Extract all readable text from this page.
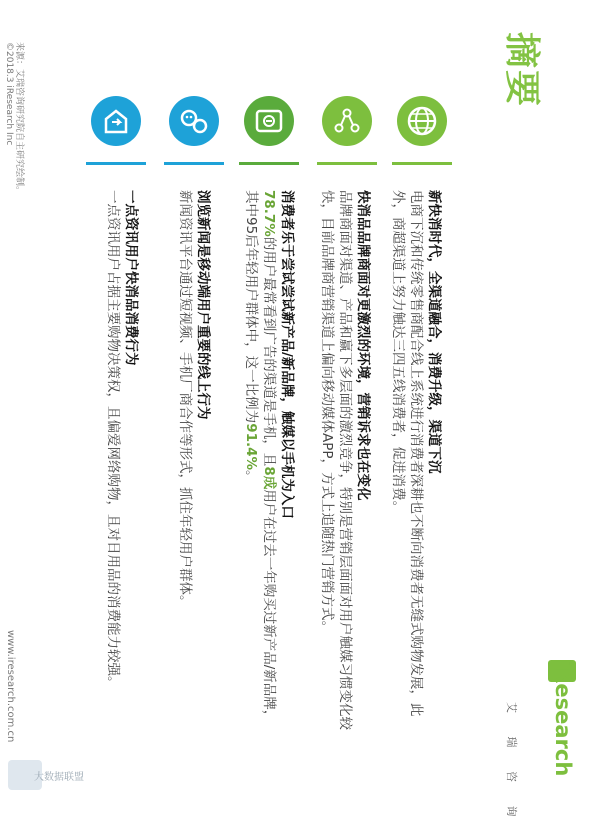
来源：艾瑞咨询研究院自主研究绘制。
©2018.3 iResearch Inc
www.iresearch.com.cn
大数据联盟
摘要
iResearch
艾 瑞 咨 询
新快消时代，全渠道融合，消费升级，渠道下沉
电商下沉和传统零售商配合线上系统进行消费者深耕也不断向消费者无缝式购物发展，此外，商超渠道上努力触达三四五线消费者，促进消费。
快消品品牌商面对更激烈的环境，营销诉求也在变化
品牌商面对渠道、产品和赢下多层面的激烈竞争，特别是营销层面面对用户触媒习惯变化较快，目前品牌商营销渠道上偏向移动媒体APP，方式上追随热门营销方式。
消费者乐于尝试尝试新产品/新品牌，触媒以手机为入口
78.7%的用户最常看到广告的渠道是手机，且8成用户在过去一年购买过新产品/新品牌，其中95后年轻用户群体中，这一比例为91.4%。
浏览新闻是移动端用户重要的线上行为
新闻资讯平台通过短视频、手机厂商合作等形式，抓住年轻用户群体。
一点资讯用户快消品消费行为
一点资讯用户占据主要购物决策权，且偏爱网络购物，且对日用品的消费能力较强。
